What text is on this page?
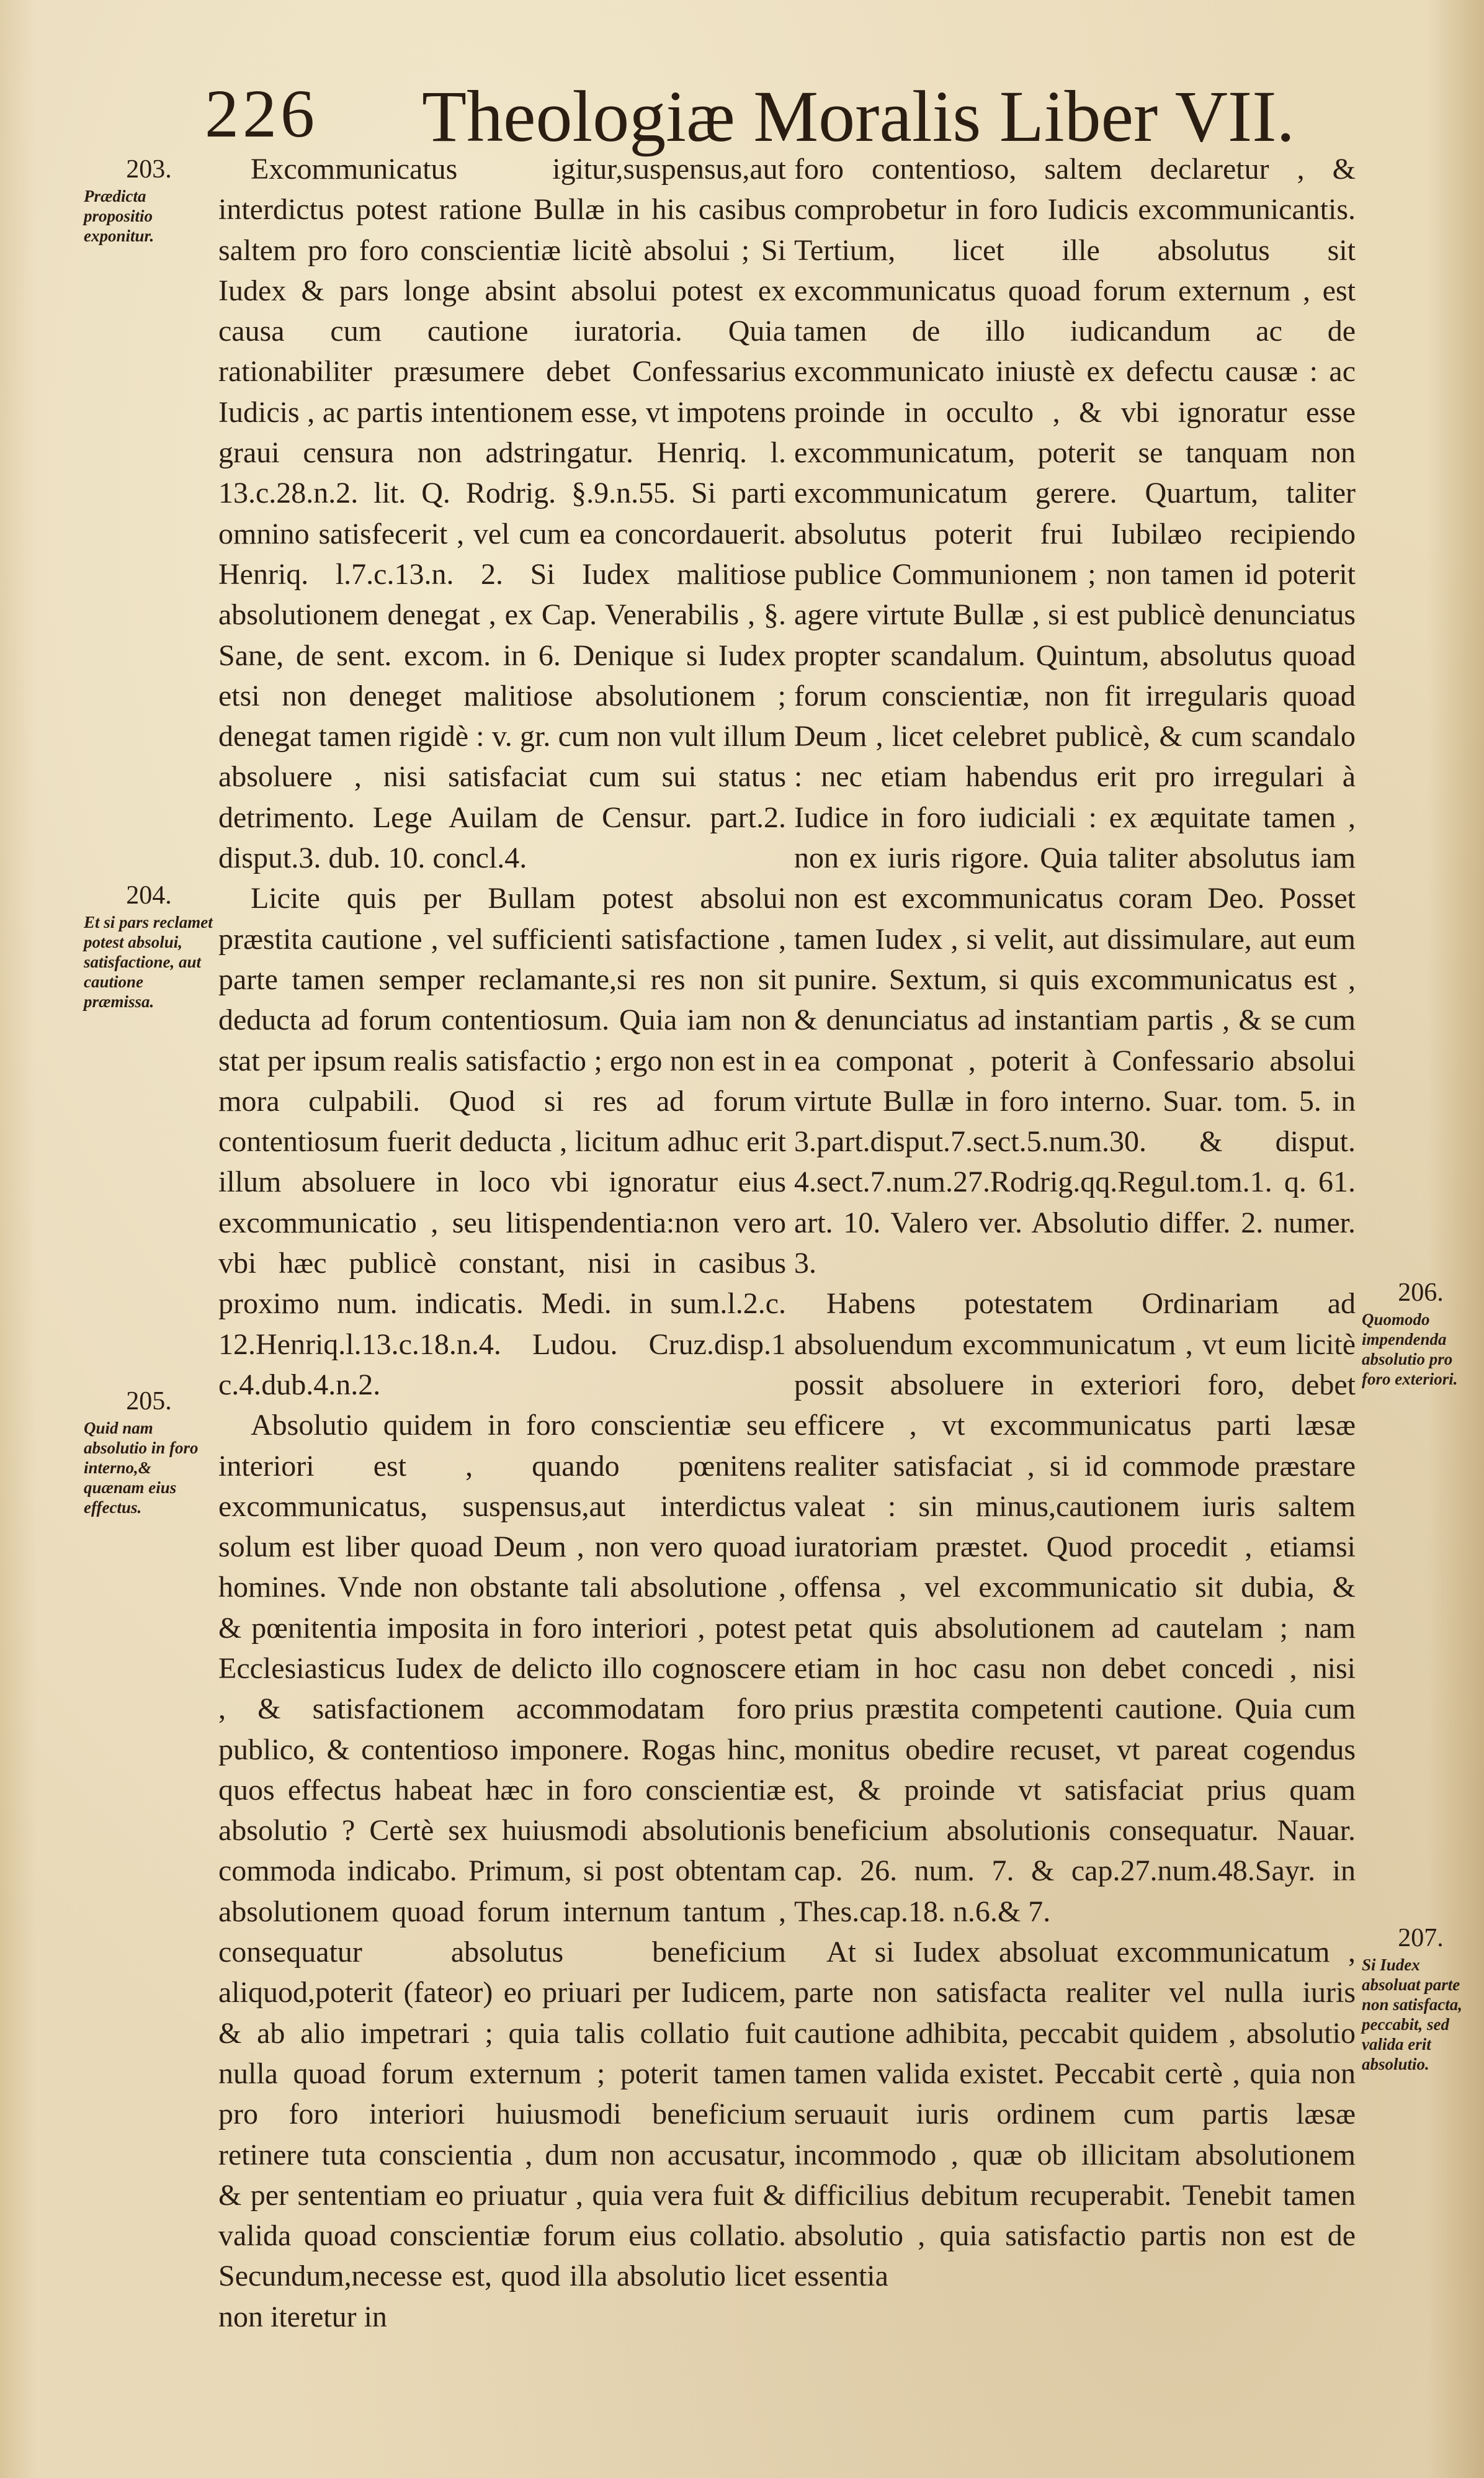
226 Theologiæ Moralis Liber VII.
203.
Prædicta propositio exponitur.
204.
Et si pars reclamet potest absolui, satisfactione, aut cautione præmissa.
205.
Quid nam absolutio in foro interno,& quænam eius effectus.
206.
Quomodo impendenda absolutio pro foro exteriori.
207.
Si Iudex absoluat parte non satisfacta, peccabit, sed valida erit absolutio.

Excommunicatus igitur,suspensus,aut interdictus potest ratione Bullæ in his casibus saltem pro foro conscientiæ licitè absolui ; Si Iudex & pars longe absint absolui potest ex causa cum cautione iuratoria. Quia rationabiliter præsumere debet Confessarius Iudicis , ac partis intentionem esse, vt impotens graui censura non adstringatur. Henriq. l. 13.c.28.n.2. lit. Q. Rodrig. §.9.n.55. Si parti omnino satisfecerit , vel cum ea concordauerit. Henriq. l.7.c.13.n. 2. Si Iudex malitiose absolutionem denegat , ex Cap. Venerabilis , §. Sane, de sent. excom. in 6. Denique si Iudex etsi non deneget malitiose absolutionem ; denegat tamen rigidè : v. gr. cum non vult illum absoluere , nisi satisfaciat cum sui status detrimento. Lege Auilam de Censur. part.2. disput.3. dub. 10. concl.4.

Licite quis per Bullam potest absolui præstita cautione , vel sufficienti satisfactione , parte tamen semper reclamante,si res non sit deducta ad forum contentiosum. Quia iam non stat per ipsum realis satisfactio ; ergo non est in mora culpabili. Quod si res ad forum contentiosum fuerit deducta , licitum adhuc erit illum absoluere in loco vbi ignoratur eius excommunicatio , seu litispendentia:non vero vbi hæc publicè constant, nisi in casibus proximo num. indicatis. Medi. in sum.l.2.c. 12.Henriq.l.13.c.18.n.4. Ludou. Cruz.disp.1 c.4.dub.4.n.2.

Absolutio quidem in foro conscientiæ seu interiori est , quando pœnitens excommunicatus, suspensus,aut interdictus solum est liber quoad Deum , non vero quoad homines. Vnde non obstante tali absolutione , & pœnitentia imposita in foro interiori , potest Ecclesiasticus Iudex de delicto illo cognoscere , & satisfactionem accommodatam foro publico, & contentioso imponere. Rogas hinc, quos effectus habeat hæc in foro conscientiæ absolutio ? Certè sex huiusmodi absolutionis commoda indicabo. Primum, si post obtentam absolutionem quoad forum internum tantum , consequatur absolutus beneficium aliquod,poterit (fateor) eo priuari per Iudicem, & ab alio impetrari ; quia talis collatio fuit nulla quoad forum externum ; poterit tamen pro foro interiori huiusmodi beneficium retinere tuta conscientia , dum non accusatur, & per sententiam eo priuatur , quia vera fuit & valida quoad conscientiæ forum eius collatio. Secundum,necesse est, quod illa absolutio licet non iteretur in

foro contentioso, saltem declaretur , & comprobetur in foro Iudicis excommunicantis. Tertium, licet ille absolutus sit excommunicatus quoad forum externum , est tamen de illo iudicandum ac de excommunicato iniustè ex defectu causæ : ac proinde in occulto , & vbi ignoratur esse excommunicatum, poterit se tanquam non excommunicatum gerere. Quartum, taliter absolutus poterit frui Iubilæo recipiendo publice Communionem ; non tamen id poterit agere virtute Bullæ , si est publicè denunciatus propter scandalum. Quintum, absolutus quoad forum conscientiæ, non fit irregularis quoad Deum , licet celebret publicè, & cum scandalo : nec etiam habendus erit pro irregulari à Iudice in foro iudiciali : ex æquitate tamen , non ex iuris rigore. Quia taliter absolutus iam non est excommunicatus coram Deo. Posset tamen Iudex , si velit, aut dissimulare, aut eum punire. Sextum, si quis excommunicatus est , & denunciatus ad instantiam partis , & se cum ea componat , poterit à Confessario absolui virtute Bullæ in foro interno. Suar. tom. 5. in 3.part.disput.7.sect.5.num.30. & disput. 4.sect.7.num.27.Rodrig.qq.Regul.tom.1. q. 61. art. 10. Valero ver. Absolutio differ. 2. numer. 3.

Habens potestatem Ordinariam ad absoluendum excommunicatum , vt eum licitè possit absoluere in exteriori foro, debet efficere , vt excommunicatus parti læsæ realiter satisfaciat , si id commode præstare valeat : sin minus,cautionem iuris saltem iuratoriam præstet. Quod procedit , etiamsi offensa , vel excommunicatio sit dubia, & petat quis absolutionem ad cautelam ; nam etiam in hoc casu non debet concedi , nisi prius præstita competenti cautione. Quia cum monitus obedire recuset, vt pareat cogendus est, & proinde vt satisfaciat prius quam beneficium absolutionis consequatur. Nauar. cap. 26. num. 7. & cap.27.num.48.Sayr. in Thes.cap.18. n.6.& 7.

At si Iudex absoluat excommunicatum , parte non satisfacta realiter vel nulla iuris cautione adhibita, peccabit quidem , absolutio tamen valida existet. Peccabit certè , quia non seruauit iuris ordinem cum partis læsæ incommodo , quæ ob illicitam absolutionem difficilius debitum recuperabit. Tenebit tamen absolutio , quia satisfactio partis non est de essentia
